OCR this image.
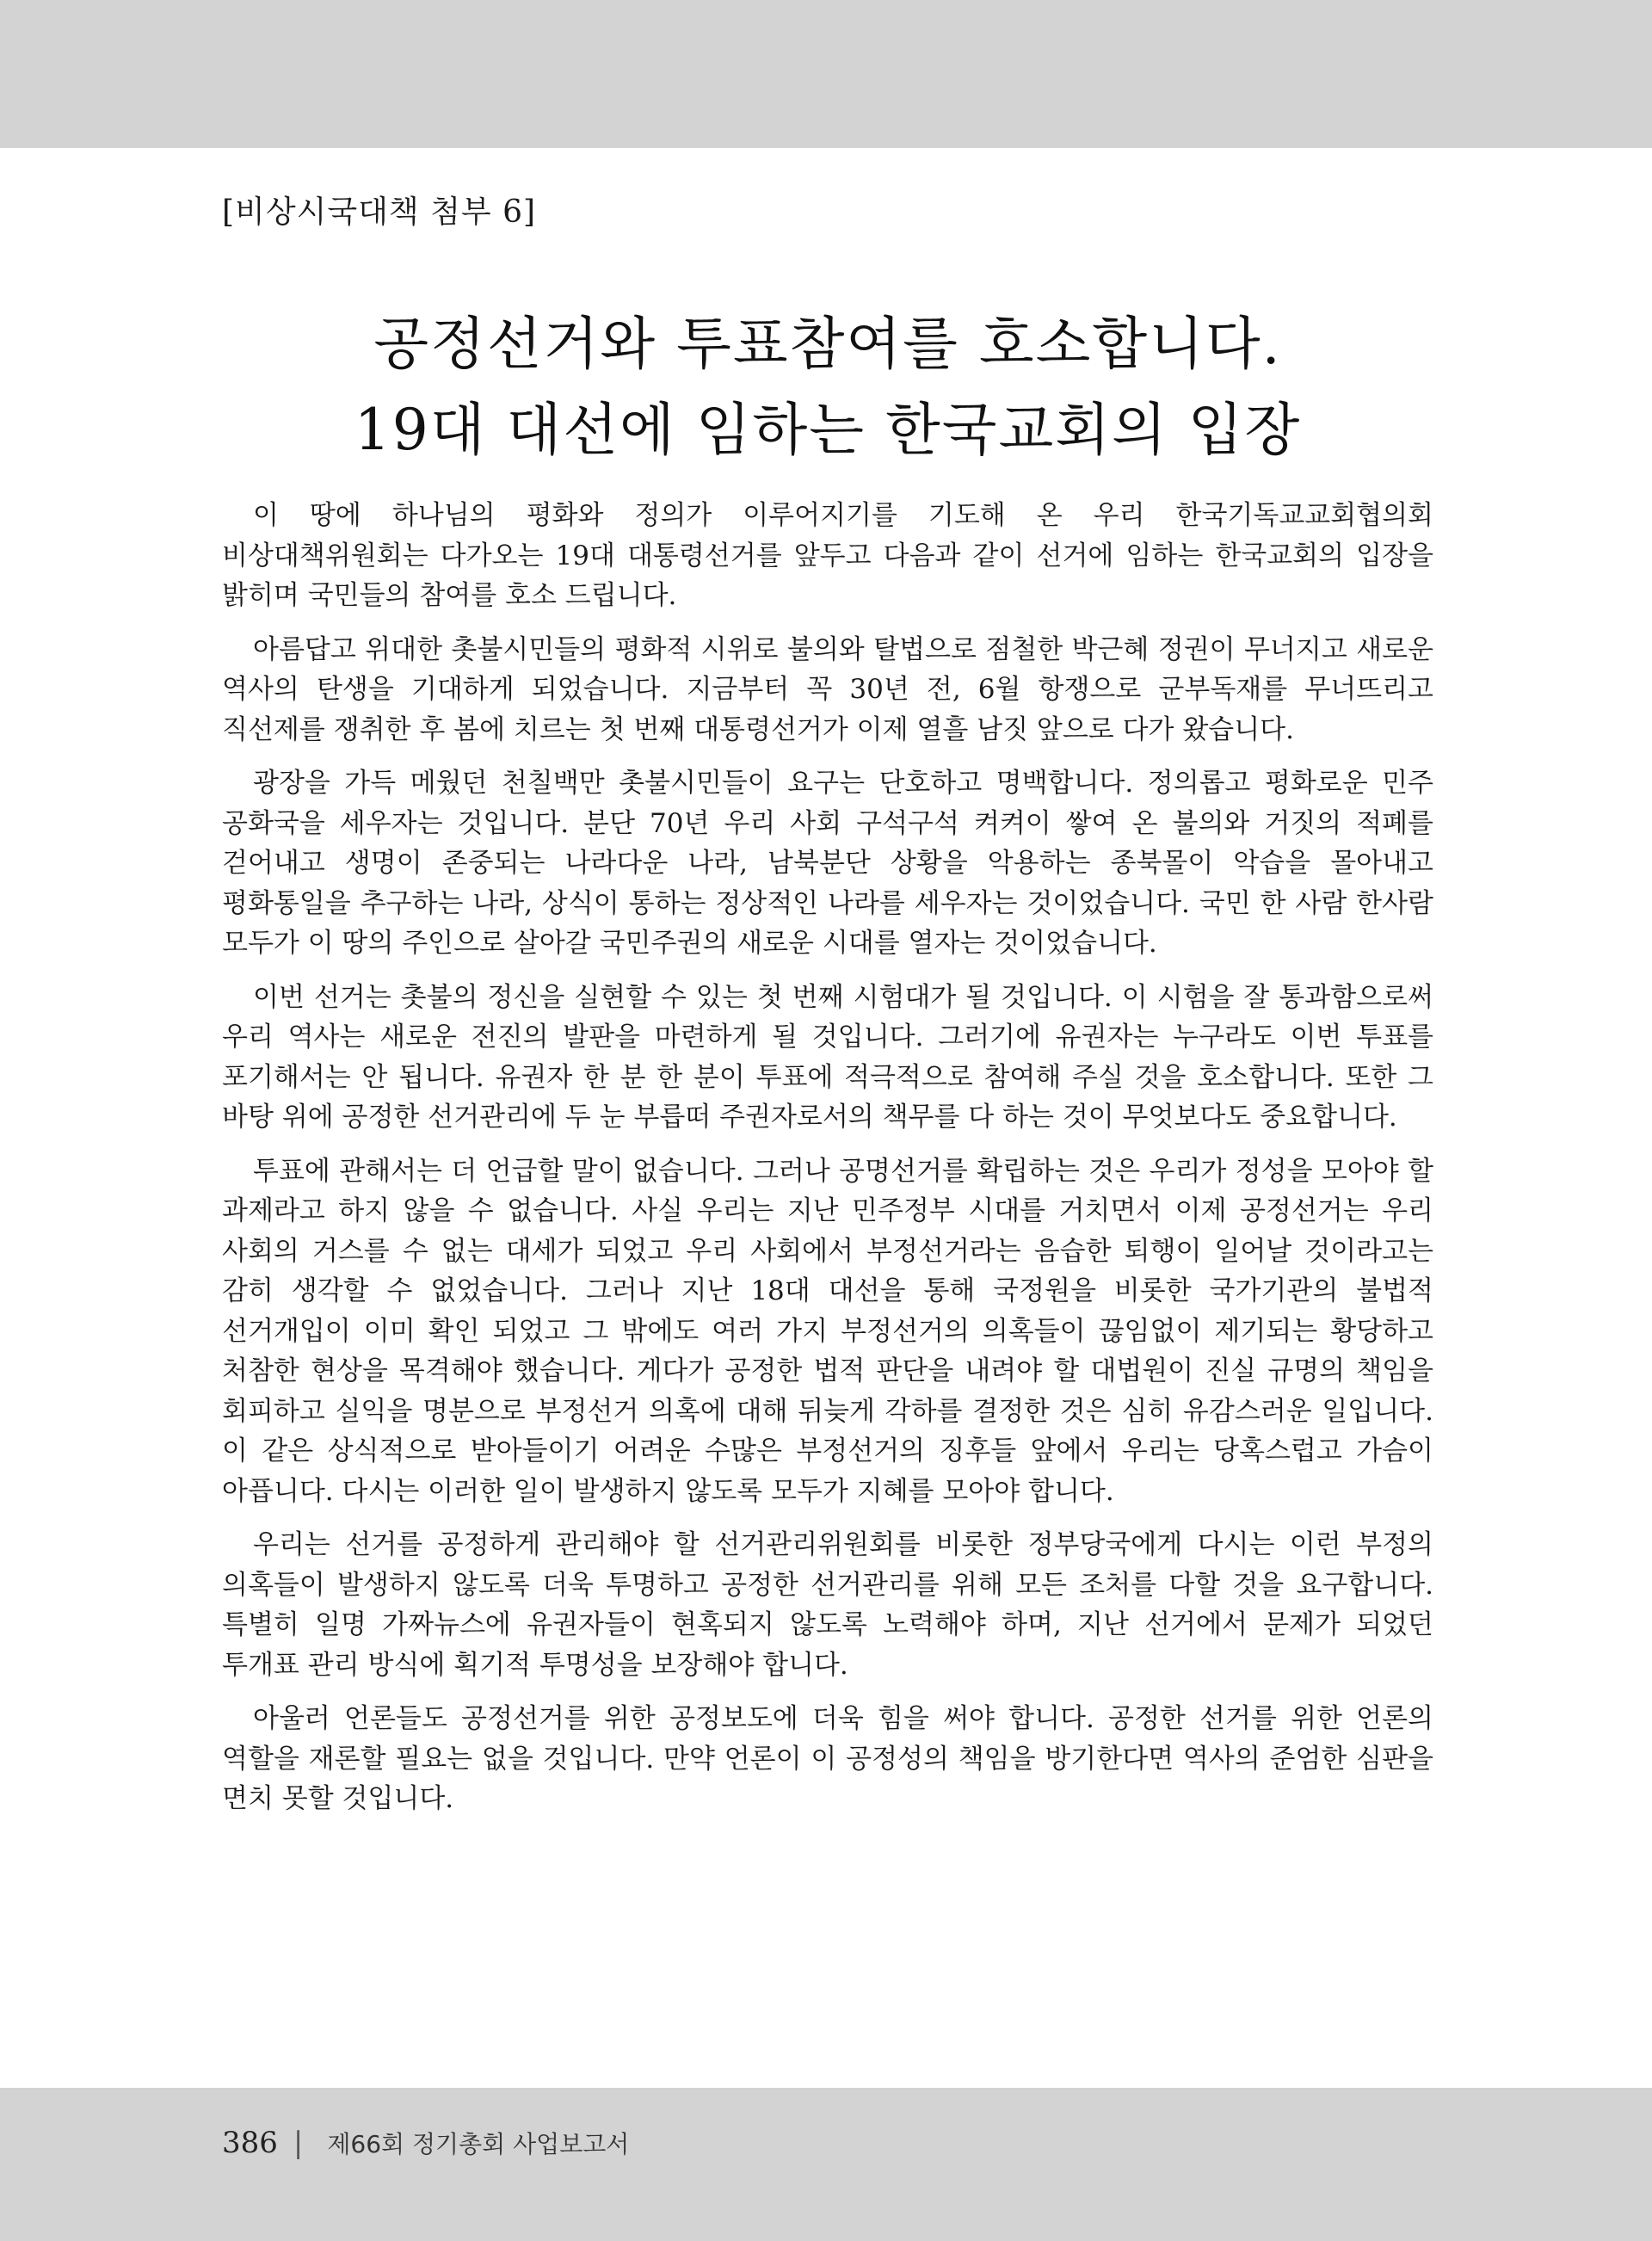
[비상시국대책 첨부 6]
공정선거와 투표참여를 호소합니다.
19대 대선에 임하는 한국교회의 입장

이 땅에 하나님의 평화와 정의가 이루어지기를 기도해 온 우리 한국기독교교회협의회 비상대책위원회는 다가오는 19대 대통령선거를 앞두고 다음과 같이 선거에 임하는 한국교회의 입장을 밝히며 국민들의 참여를 호소 드립니다.

아름답고 위대한 촛불시민들의 평화적 시위로 불의와 탈법으로 점철한 박근혜 정권이 무너지고 새로운 역사의 탄생을 기대하게 되었습니다. 지금부터 꼭 30년 전, 6월 항쟁으로 군부독재를 무너뜨리고 직선제를 쟁취한 후 봄에 치르는 첫 번째 대통령선거가 이제 열흘 남짓 앞으로 다가 왔습니다.

광장을 가득 메웠던 천칠백만 촛불시민들이 요구는 단호하고 명백합니다. 정의롭고 평화로운 민주 공화국을 세우자는 것입니다. 분단 70년 우리 사회 구석구석 켜켜이 쌓여 온 불의와 거짓의 적폐를 걷어내고 생명이 존중되는 나라다운 나라, 남북분단 상황을 악용하는 종북몰이 악습을 몰아내고 평화통일을 추구하는 나라, 상식이 통하는 정상적인 나라를 세우자는 것이었습니다. 국민 한 사람 한사람 모두가 이 땅의 주인으로 살아갈 국민주권의 새로운 시대를 열자는 것이었습니다.

이번 선거는 촛불의 정신을 실현할 수 있는 첫 번째 시험대가 될 것입니다. 이 시험을 잘 통과함으로써 우리 역사는 새로운 전진의 발판을 마련하게 될 것입니다. 그러기에 유권자는 누구라도 이번 투표를 포기해서는 안 됩니다. 유권자 한 분 한 분이 투표에 적극적으로 참여해 주실 것을 호소합니다. 또한 그 바탕 위에 공정한 선거관리에 두 눈 부릅떠 주권자로서의 책무를 다 하는 것이 무엇보다도 중요합니다.

투표에 관해서는 더 언급할 말이 없습니다. 그러나 공명선거를 확립하는 것은 우리가 정성을 모아야 할 과제라고 하지 않을 수 없습니다. 사실 우리는 지난 민주정부 시대를 거치면서 이제 공정선거는 우리 사회의 거스를 수 없는 대세가 되었고 우리 사회에서 부정선거라는 음습한 퇴행이 일어날 것이라고는 감히 생각할 수 없었습니다. 그러나 지난 18대 대선을 통해 국정원을 비롯한 국가기관의 불법적 선거개입이 이미 확인 되었고 그 밖에도 여러 가지 부정선거의 의혹들이 끊임없이 제기되는 황당하고 처참한 현상을 목격해야 했습니다. 게다가 공정한 법적 판단을 내려야 할 대법원이 진실 규명의 책임을 회피하고 실익을 명분으로 부정선거 의혹에 대해 뒤늦게 각하를 결정한 것은 심히 유감스러운 일입니다. 이 같은 상식적으로 받아들이기 어려운 수많은 부정선거의 징후들 앞에서 우리는 당혹스럽고 가슴이 아픕니다. 다시는 이러한 일이 발생하지 않도록 모두가 지혜를 모아야 합니다.

우리는 선거를 공정하게 관리해야 할 선거관리위원회를 비롯한 정부당국에게 다시는 이런 부정의 의혹들이 발생하지 않도록 더욱 투명하고 공정한 선거관리를 위해 모든 조처를 다할 것을 요구합니다. 특별히 일명 가짜뉴스에 유권자들이 현혹되지 않도록 노력해야 하며, 지난 선거에서 문제가 되었던 투개표 관리 방식에 획기적 투명성을 보장해야 합니다.

아울러 언론들도 공정선거를 위한 공정보도에 더욱 힘을 써야 합니다. 공정한 선거를 위한 언론의 역할을 재론할 필요는 없을 것입니다. 만약 언론이 이 공정성의 책임을 방기한다면 역사의 준엄한 심판을 면치 못할 것입니다.

386 | 제66회 정기총회 사업보고서
